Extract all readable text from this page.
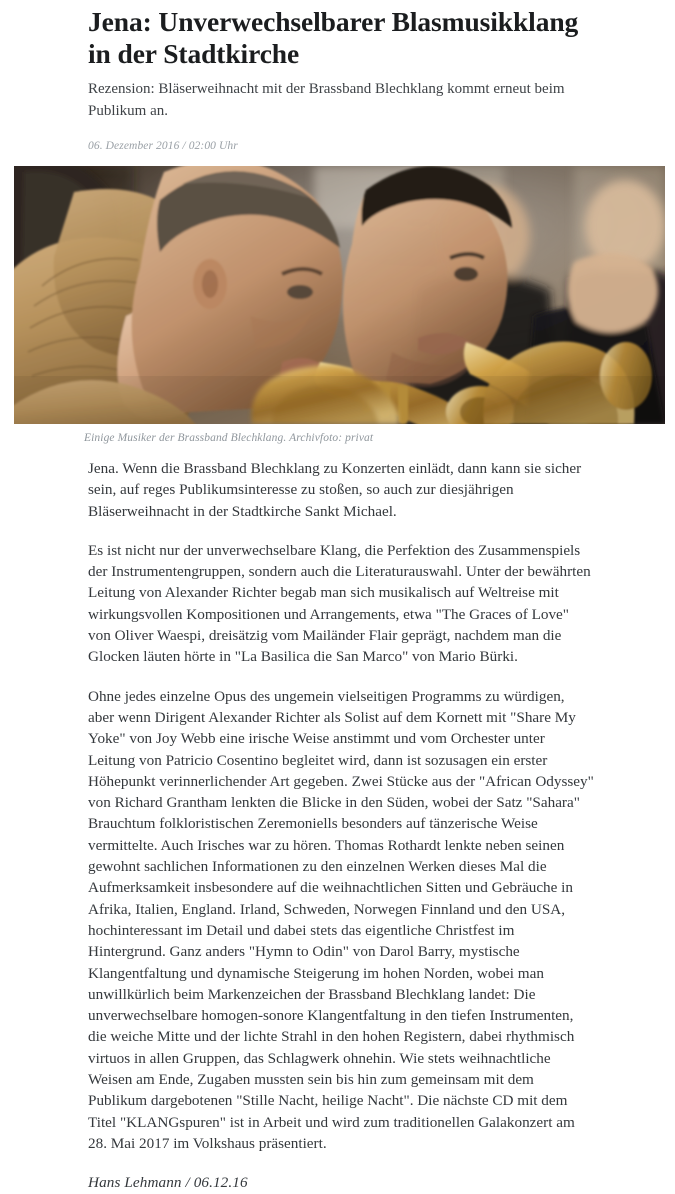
Jena: Unverwechselbarer Blasmusikklang in der Stadtkirche

Rezension: Bläserweihnacht mit der Brassband Blechklang kommt erneut beim Publikum an.

06. Dezember 2016 / 02:00 Uhr

Einige Musiker der Brassband Blechklang. Archivfoto: privat

Jena. Wenn die Brassband Blechklang zu Konzerten einlädt, dann kann sie sicher sein, auf reges Publikumsinteresse zu stoßen, so auch zur diesjährigen Bläserweihnacht in der Stadtkirche Sankt Michael.

Es ist nicht nur der unverwechselbare Klang, die Perfektion des Zusammenspiels der Instrumentengruppen, sondern auch die Literaturauswahl. Unter der bewährten Leitung von Alexander Richter begab man sich musikalisch auf Weltreise mit wirkungsvollen Kompositionen und Arrangements, etwa "The Graces of Love" von Oliver Waespi, dreisätzig vom Mailänder Flair geprägt, nachdem man die Glocken läuten hörte in "La Basilica die San Marco" von Mario Bürki.

Ohne jedes einzelne Opus des ungemein vielseitigen Programms zu würdigen, aber wenn Dirigent Alexander Richter als Solist auf dem Kornett mit "Share My Yoke" von Joy Webb eine irische Weise anstimmt und vom Orchester unter Leitung von Patricio Cosentino begleitet wird, dann ist sozusagen ein erster Höhepunkt verinnerlichender Art gegeben. Zwei Stücke aus der "African Odyssey" von Richard Grantham lenkten die Blicke in den Süden, wobei der Satz "Sahara" Brauchtum folkloristischen Zeremoniells besonders auf tänzerische Weise vermittelte. Auch Irisches war zu hören. Thomas Rothardt lenkte neben seinen gewohnt sachlichen Informationen zu den einzelnen Werken dieses Mal die Aufmerksamkeit insbesondere auf die weihnachtlichen Sitten und Gebräuche in Afrika, Italien, England. Irland, Schweden, Norwegen Finnland und den USA, hochinteressant im Detail und dabei stets das eigentliche Christfest im Hintergrund. Ganz anders "Hymn to Odin" von Darol Barry, mystische Klangentfaltung und dynamische Steigerung im hohen Norden, wobei man unwillkürlich beim Markenzeichen der Brassband Blechklang landet: Die unverwechselbare homogen-sonore Klangentfaltung in den tiefen Instrumenten, die weiche Mitte und der lichte Strahl in den hohen Registern, dabei rhythmisch virtuos in allen Gruppen, das Schlagwerk ohnehin. Wie stets weihnachtliche Weisen am Ende, Zugaben mussten sein bis hin zum gemeinsam mit dem Publikum dargebotenen "Stille Nacht, heilige Nacht". Die nächste CD mit dem Titel "KLANGspuren" ist in Arbeit und wird zum traditionellen Galakonzert am 28. Mai 2017 im Volkshaus präsentiert.

Hans Lehmann / 06.12.16
